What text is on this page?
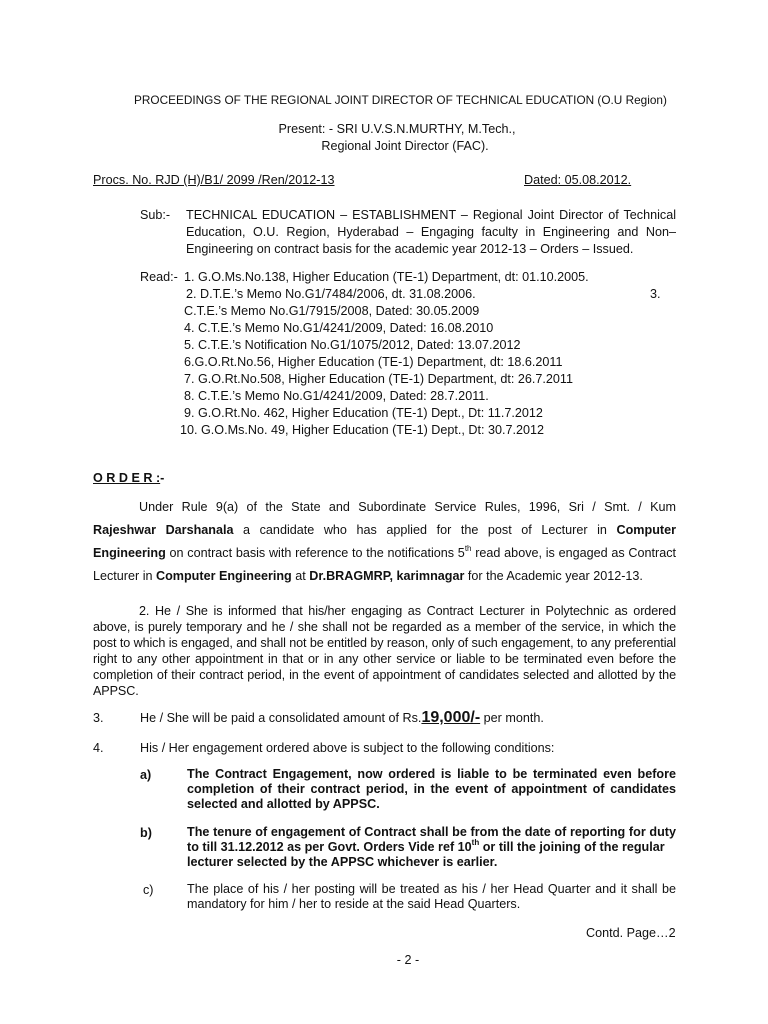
PROCEEDINGS OF THE REGIONAL JOINT DIRECTOR OF TECHNICAL EDUCATION (O.U Region)
Present: - SRI U.V.S.N.MURTHY, M.Tech.,
Regional Joint Director (FAC).
Procs. No. RJD (H)/B1/ 2099 /Ren/2012-13	Dated: 05.08.2012.
Sub:- TECHNICAL EDUCATION – ESTABLISHMENT – Regional Joint Director of Technical
Education, O.U. Region, Hyderabad – Engaging faculty in Engineering and Non–
Engineering on contract basis for the academic year 2012-13 – Orders – Issued.
Read:- 1. G.O.Ms.No.138, Higher Education (TE-1) Department, dt: 01.10.2005.
2. D.T.E.’s Memo No.G1/7484/2006, dt. 31.08.2006.	3.
C.T.E.’s Memo No.G1/7915/2008, Dated: 30.05.2009
4. C.T.E.’s Memo No.G1/4241/2009, Dated: 16.08.2010
5. C.T.E.’s Notification No.G1/1075/2012, Dated: 13.07.2012
6.G.O.Rt.No.56, Higher Education (TE-1) Department, dt: 18.6.2011
7. G.O.Rt.No.508, Higher Education (TE-1) Department, dt: 26.7.2011
8. C.T.E.’s Memo No.G1/4241/2009, Dated: 28.7.2011.
9. G.O.Rt.No. 462, Higher Education (TE-1) Dept., Dt: 11.7.2012
10. G.O.Ms.No. 49, Higher Education (TE-1) Dept., Dt: 30.7.2012
O R D E R :-
Under Rule 9(a) of the State and Subordinate Service Rules, 1996, Sri / Smt. / Kum
Rajeshwar Darshanala a candidate who has applied for the post of Lecturer in Computer
Engineering on contract basis with reference to the notifications 5th read above, is engaged as Contract
Lecturer in Computer Engineering at Dr.BRAGMRP, karimnagar for the Academic year 2012-13.
2. He / She is informed that his/her engaging as Contract Lecturer in Polytechnic as ordered above, is purely temporary and he / she shall not be regarded as a member of the service, in which the post to which is engaged, and shall not be entitled by reason, only of such engagement, to any preferential right to any other appointment in that or in any other service or liable to be terminated even before the completion of their contract period, in the event of appointment of candidates selected and allotted by the APPSC.
3.	He / She will be paid a consolidated amount of Rs.19,000/- per month.
4.	His / Her engagement ordered above is subject to the following conditions:
a)	The Contract Engagement, now ordered is liable to be terminated even before
completion of their contract period, in the event of appointment of candidates
selected and allotted by APPSC.
b)	The tenure of engagement of Contract shall be from the date of reporting for duty
to till 31.12.2012 as per Govt. Orders Vide ref 10th or till the joining of the regular
lecturer selected by the APPSC whichever is earlier.
c)	The place of his / her posting will be treated as his / her Head Quarter and it shall be
mandatory for him / her to reside at the said Head Quarters.
Contd. Page…2
- 2 -
